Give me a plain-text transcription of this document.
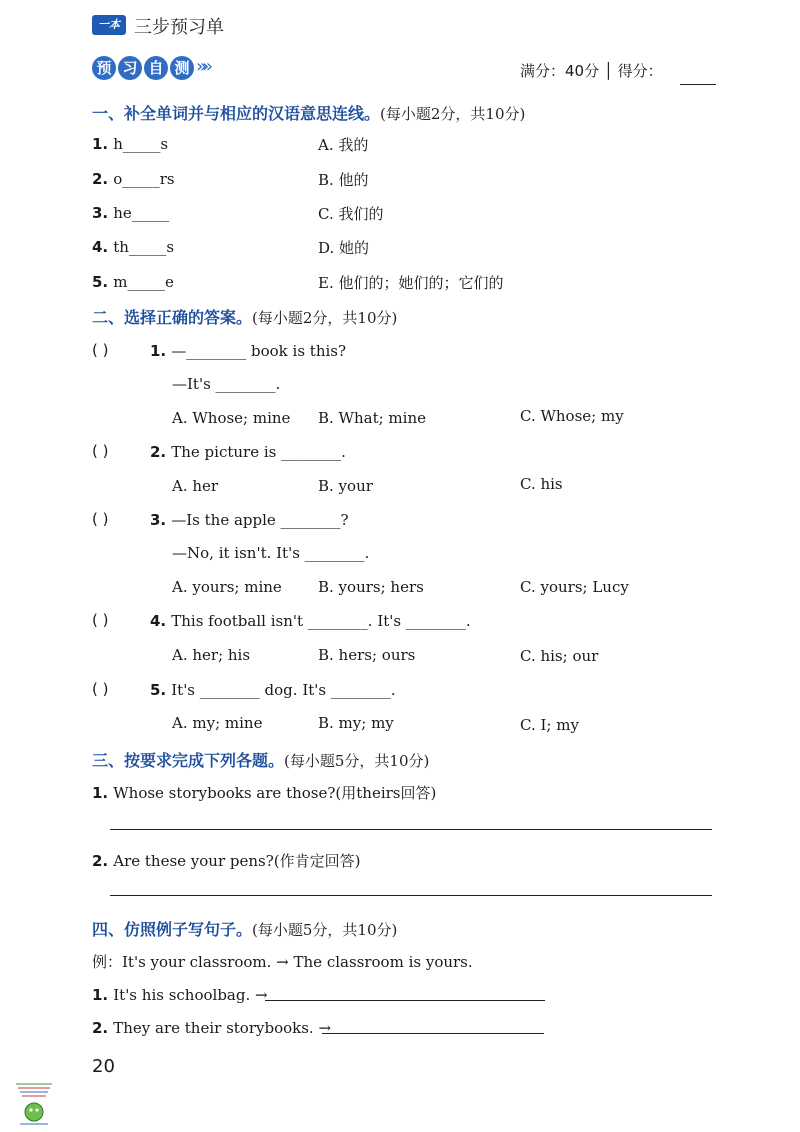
一本 三步预习单
预 习 自 测 »»	满分：40分 │ 得分：
一、补全单词并与相应的汉语意思连线。(每小题2分，共10分)
1. h_____s	A. 我的
2. o_____rs	B. 他的
3. he_____	C. 我们的
4. th_____s	D. 她的
5. m_____e	E. 他们的；她们的；它们的
二、选择正确的答案。(每小题2分，共10分)
( )	1. —________ book is this?
—It's ________.
A. Whose; mine B. What; mine	C. Whose; my
( )	2. The picture is ________.
A. her	B. your	C. his
( )	3. —Is the apple ________?
—No, it isn't. It's ________.
A. yours; mine B. yours; hers	C. yours; Lucy
( )	4. This football isn't ________. It's ________.
A. her; his	B. hers; ours	C. his; our
( )	5. It's ________ dog. It's ________.
A. my; mine	B. my; my	C. I; my
三、按要求完成下列各题。(每小题5分，共10分)
1. Whose storybooks are those?(用theirs回答)
2. Are these your pens?(作肯定回答)
四、仿照例子写句子。(每小题5分，共10分)
例：It's your classroom. → The classroom is yours.
1. It's his schoolbag. →
2. They are their storybooks. →
20
